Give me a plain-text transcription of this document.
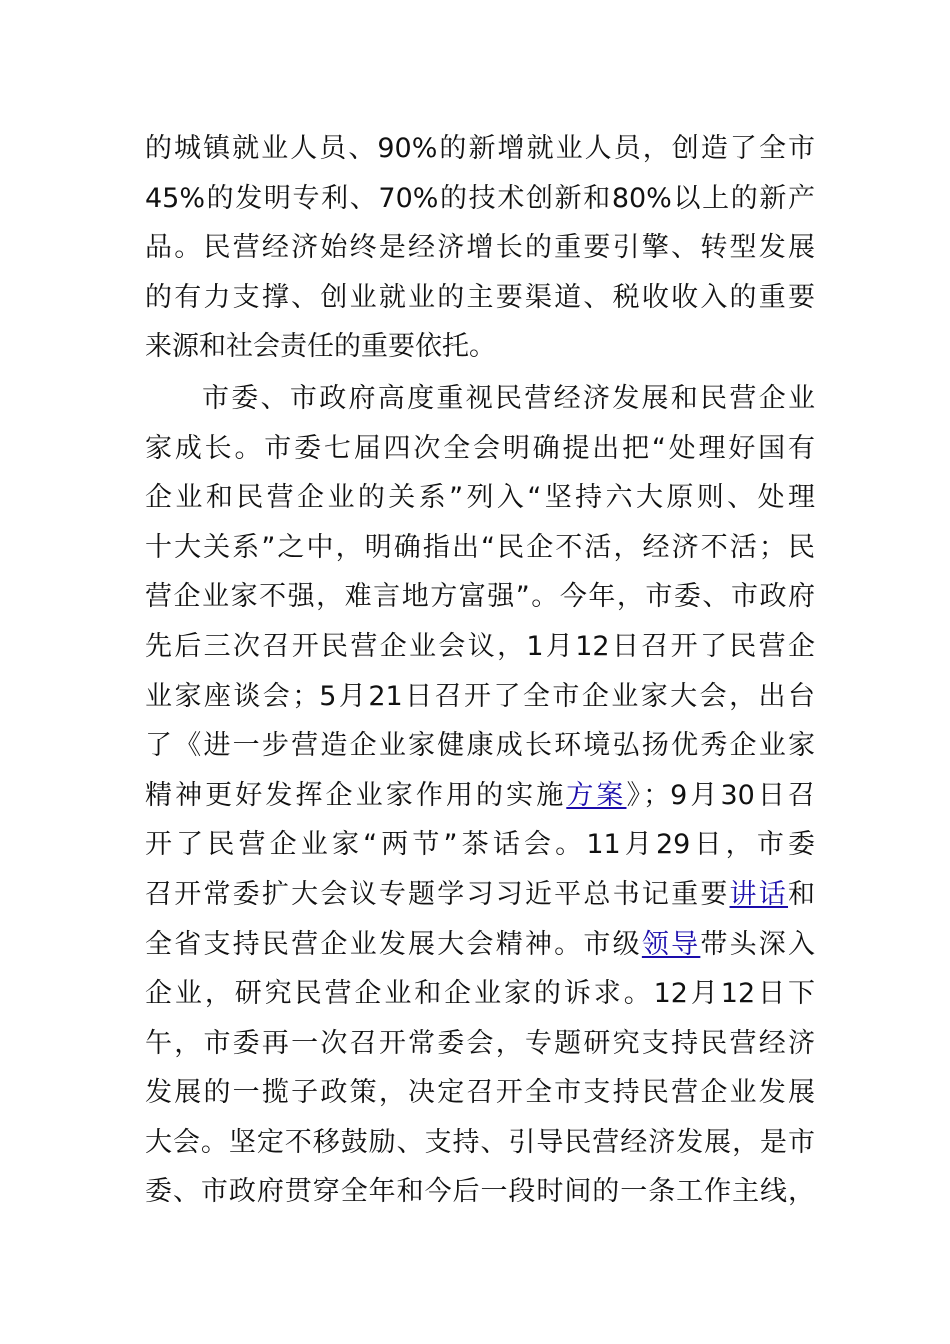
的城镇就业人员、90%的新增就业人员，创造了全市
45%的发明专利、70%的技术创新和80%以上的新产
品。民营经济始终是经济增长的重要引擎、转型发展
的有力支撑、创业就业的主要渠道、税收收入的重要
来源和社会责任的重要依托。
市委、市政府高度重视民营经济发展和民营企业
家成长。市委七届四次全会明确提出把“处理好国有
企业和民营企业的关系”列入“坚持六大原则、处理
十大关系”之中，明确指出“民企不活，经济不活；民
营企业家不强，难言地方富强”。今年，市委、市政府
先后三次召开民营企业会议，1月12日召开了民营企
业家座谈会；5月21日召开了全市企业家大会，出台
了《进一步营造企业家健康成长环境弘扬优秀企业家
精神更好发挥企业家作用的实施方案》；9月30日召
开了民营企业家“两节”茶话会。11月29日，市委
召开常委扩大会议专题学习习近平总书记重要讲话和
全省支持民营企业发展大会精神。市级领导带头深入
企业，研究民营企业和企业家的诉求。12月12日下
午，市委再一次召开常委会，专题研究支持民营经济
发展的一揽子政策，决定召开全市支持民营企业发展
大会。坚定不移鼓励、支持、引导民营经济发展，是市
委、市政府贯穿全年和今后一段时间的一条工作主线，
